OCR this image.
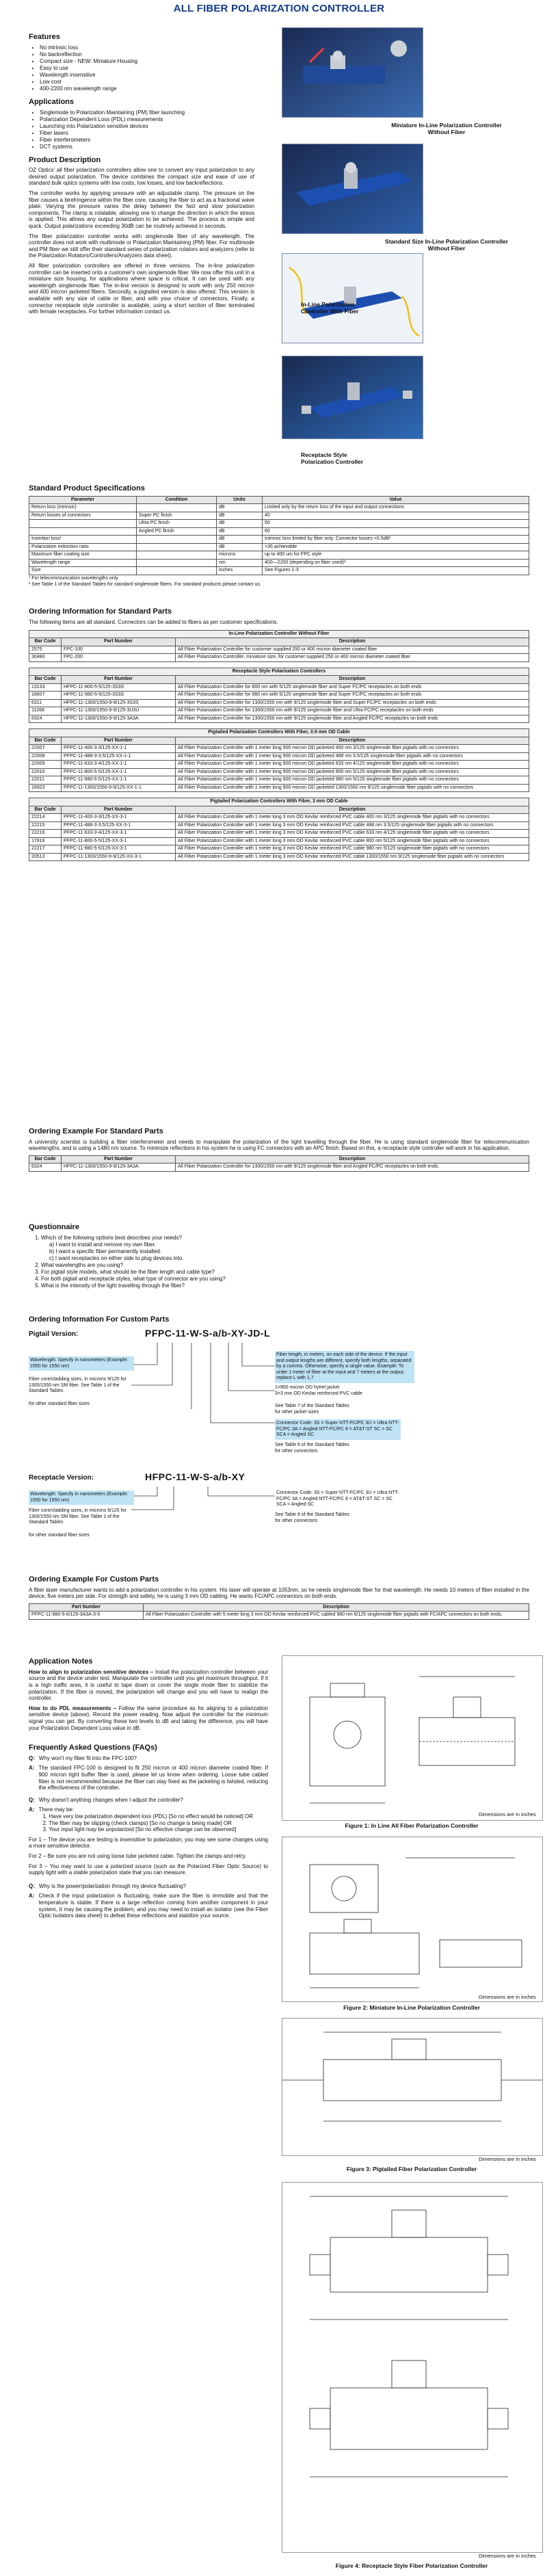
ALL FIBER POLARIZATION CONTROLLER
Features
• No intrinsic loss
• No backreflection
• Compact size - NEW: Miniature Housing
• Easy to use
• Wavelength insensitive
• Low cost
• 400-2200 nm wavelength range
Applications
• Singlemode to Polarization Maintaining (PM) fiber launching
• Polarization Dependent Loss (PDL) measurements
• Launching into Polarization sensitive devices
• Fiber lasers
• Fiber interferometers
• DCT systems
Product Description

OZ Optics' all fiber polarization controllers allow one to convert any input polarization to any desired output polarization. The device combines the compact size and ease of use of standard bulk optics systems with low costs, low losses, and low backreflections.

The controller works by applying pressure with an adjustable clamp. The pressure on the fiber causes a birefringence within the fiber core, causing the fiber to act as a fractional wave plate. Varying the pressure varies the delay between the fast and slow polarization components. The clamp is rotatable, allowing one to change the direction in which the stress is applied. This allows any output polarization to be achieved. The process is simple and quick. Output polarizations exceeding 30dB can be routinely achieved in seconds.

The fiber polarization controller works with singlemode fiber of any wavelength. The controller does not work with multimode or Polarization Maintaining (PM) fiber. For multimode and PM fiber we still offer their standard series of polarization rotators and analyzers (refer to the Polarization Rotators/Controllers/Analyzers data sheet).

All fiber polarization controllers are offered in three versions. The in-line polarization controller can be inserted onto a customer's own singlemode fiber. We now offer this unit in a miniature size housing, for applications where space is critical. It can be used with any wavelength singlemode fiber. The in-line version is designed to work with only 250 micron and 400 micron jacketed fibers. Secondly, a pigtailed version is also offered. This version is available with any size of cable or fiber, and with your choice of connectors. Finally, a connector receptacle style controller is available, using a short section of fiber terminated with female receptacles. For further information contact us.

Miniature In-Line Polarization Controller Without Fiber
Standard Size In-Line Polarization Controller Without Fiber
In-Line Polarization Controller With Fiber
Receptacle Style Polarization Controller
Standard Product Specifications
Parameter	Condition	Units	Value
Return loss (intrinsic)		dB	Limited only by the return loss of the input and output connections
Return losses of connectors	Super PC finish	dB	40
	Ultra PC finish	dB	50
	Angled PC finish	dB	60
Insertion loss¹		dB	Intrinsic loss limited by fiber only. Connector losses <0.5dB¹
Polarization extinction ratio		dB	>35 achievable
Maximum fiber coating size		microns	up to 400 um for FPC style
Wavelength range		nm	400—2200 (depending on fiber used)²
Size		inches	See Figures 1-3
¹ For telecommunication wavelengths only.
² See Table 1 of the Standard Tables for standard singlemode fibers. For standard products please contact us.
Ordering Information for Standard Parts
The following items are all standard. Connectors can be added to fibers as per customer specifications.
In-Line Polarization Controller Without Fiber		
Bar Code	Part Number	Description
2575	FPC-100	All Fiber Polarization Controller for customer supplied 250 or 400 micron diameter coated fiber
30480	FPC-200	All Fiber Polarization Controller, miniature size, for customer supplied 250 or 400 micron diameter coated fiber
Receptacle Style Polarization Controllers		
Bar Code	Part Number	Description
13133	HFPC-11-800-5-5/125-3S3S	All Fiber Polarization Controller for 800 nm with 5/125 singlemode fiber and Super FC/PC receptacles on both ends
16607	HFPC-11-980-5-5/125-3S3S	All Fiber Polarization Controller for 980 nm with 5/125 singlemode fiber and Super FC/PC receptacles on both ends
6311	HFPC-11-1300/1550-9-9/125-3S3S	All Fiber Polarization Controller for 1300/1550 nm with 9/125 singlemode fiber and Super FC/PC receptacles on both ends
11268	HFPC-11-1300/1550-9-9/125-3U3U	All Fiber Polarization Controller for 1300/1550 nm with 9/125 singlemode fiber and Ultra FC/PC receptacles on both ends
6324	HFPC-11-1300/1550-9-9/125-3A3A	All Fiber Polarization Controller for 1300/1550 nm with 9/125 singlemode fiber and Angled FC/PC receptacles on both ends
Pigtailed Polarization Controllers With Fiber, 0.9 mm OD Cable		
Bar Code	Part Number	Description
22007	PFPC-11-400-3-3/125-XX-1-1	All Fiber Polarization Controller with 1 meter long 900 micron OD jacketed 400 nm 3/125 singlemode fiber pigtails with no connectors
22008	PFPC-11-488-3-3.5/125-XX-1-1	All Fiber Polarization Controller with 1 meter long 900 micron OD jacketed 488 nm 3.5/125 singlemode fiber pigtails with no connectors
22009	PFPC-11-633-3-4/125-XX-1-1	All Fiber Polarization Controller with 1 meter long 900 micron OD jacketed 633 nm 4/125 singlemode fiber pigtails with no connectors
22010	PFPC-11-800-5-5/125-XX-1-1	All Fiber Polarization Controller with 1 meter long 900 micron OD jacketed 800 nm 5/125 singlemode fiber pigtails with no connectors
22011	PFPC-11-980-5-5/125-XX-1-1	All Fiber Polarization Controller with 1 meter long 900 micron OD jacketed 980 nm 5/125 singlemode fiber pigtails with no connectors
16923	PFPC-11-1300/1550-9-9/125-XX-1-1	All Fiber Polarization Controller with 1 meter long 900 micron OD jacketed 1300/1550 nm 9/125 singlemode fiber pigtails with no connectors
Pigtailed Polarization Controllers With Fiber, 3 mm OD Cable		
Bar Code	Part Number	Description
22214	PFPC-11-400-3-3/125-XX-3-1	All Fiber Polarization Controller with 1 meter long 3 mm OD Kevlar reinforced PVC cable 400 nm 3/125 singlemode fiber pigtails with no connectors
22215	PFPC-11-488-3-3.5/125-XX-3-1	All Fiber Polarization Controller with 1 meter long 3 mm OD Kevlar reinforced PVC cable 488 nm 3.5/125 singlemode fiber pigtails with no connectors
22216	PFPC-11-633-3-4/125-XX-3-1	All Fiber Polarization Controller with 1 meter long 3 mm OD Kevlar reinforced PVC cable 633 nm 4/125 singlemode fiber pigtails with no connectors
17816	PFPC-11-800-5-5/125-XX-3-1	All Fiber Polarization Controller with 1 meter long 3 mm OD Kevlar reinforced PVC cable 800 nm 5/125 singlemode fiber pigtails with no connectors
22217	PFPC-11-980-5-5/125-XX-3-1	All Fiber Polarization Controller with 1 meter long 3 mm OD Kevlar reinforced PVC cable 980 nm 5/125 singlemode fiber pigtails with no connectors
20513	PFPC-11-1300/1550-9-9/125-XX-3-1	All Fiber Polarization Controller with 1 meter long 3 mm OD Kevlar reinforced PVC cable 1300/1550 nm 9/125 singlemode fiber pigtails with no connectors
Ordering Example For Standard Parts

A university scientist is building a fiber interferometer and needs to manipulate the polarization of the light travelling through the fiber. He is using standard singlemode fiber for telecommunication wavelengths, and is using a 1480 nm source. To minimize reflections in his system he is using FC connectors with an APC finish. Based on this, a receptacle style controller will work in his application.

Bar Code	Part Number	Description
6324	HFPC-11-1300/1550-9-9/125-3A3A	All Fiber Polarization Controller for 1300/1550 nm with 9/125 singlemode fiber and Angled FC/PC receptacles on both ends.
Questionnaire
1. Which of the following options best describes your needs?
a) I want to install and remove my own fiber.
b) I want a specific fiber permanently installed.
c) I want receptacles on either side to plug devices into.
2. What wavelengths are you using?
3. For pigtail style models, what should be the fiber length and cable type?
4. For both pigtail and receptacle styles, what type of connector are you using?
5. What is the intensity of the light travelling through the fiber?
Ordering Information For Custom Parts
Pigtail Version:	PFPC-11-W-S-a/b-XY-JD-L
Wavelength: Specify in nanometers (Example: 1550 for 1550 nm)
Fiber core/cladding sizes, in microns 9/125 for 1300/1550 nm SM fiber. See Table 1 of the Standard Tables
for other standard fiber sizes
Fiber length, in meters, on each side of the device. If the input and output lengths are different, specify both lengths, separated by a comma. Otherwise, specify a single value. Example: To order 1 meter of fiber at the input and 7 meters at the output, replace L with 1,7
1=900 micron OD hytrel jacket
3=3 mm OD Kevlar reinforced PVC cable
See Table 7 of the Standard Tables
for other jacket sizes
Connector Code: 3S = Super NTT-FC/PC 3U = Ultra NTT-FC/PC 3A = Angled NTT-FC/PC 8 = AT&T-ST SC = SC SCA = Angled SC
See Table 6 of the Standard Tables
for other connectors
Receptacle Version:	HFPC-11-W-S-a/b-XY
Wavelength: Specify in nanometers (Example: 1550 for 1550 nm)
Fiber core/cladding sizes, in microns 9/125 for 1300/1550 nm SM fiber. See Table 1 of the Standard Tables
for other standard fiber sizes
Connector Code: 3S = Super NTT-FC/PC 3U = Ultra NTT-FC/PC 3A = Angled NTT-FC/PC 8 = AT&T-ST SC = SC SCA = Angled SC
See Table 6 of the Standard Tables
for other connectors
Ordering Example For Custom Parts

A fiber laser manufacturer wants to add a polarization controller in his system. His laser will operate at 1053nm, so he needs singlemode fiber for that wavelength. He needs 10 meters of fiber installed in the device, five meters per side. For strength and safety, he is using 3 mm OD cabling. He wants FC/APC connectors on both ends.

Part Number	Description
PFPC-11-980-5-6/125-3A3A-3-5	All Fiber Polarization Controller with 5 meter long 3 mm OD Kevlar reinforced PVC cabled 980 nm 6/125 singlemode fiber pigtails with FC/APC connectors on both ends.
Application Notes

How to align to polarization sensitive devices – Install the polarization controller between your source and the device under test. Manipulate the controller until you get maximum throughput. If it is a high traffic area, it is useful to tape down or cover the single mode fiber to stabilize the polarization. If the fiber is moved, the polarization will change and you will have to realign the controller.

How to do PDL measurements – Follow the same procedure as for aligning to a polarization sensitive device (above). Record the power reading. Now adjust the controller for the minimum signal you can get. By converting these two levels to dB and taking the difference, you will have your Polarization Dependent Loss value in dB.

Frequently Asked Questions (FAQs)
Q: Why won't my fiber fit into the FPC-100?
A: The standard FPC-100 is designed to fit 250 micron or 400 micron diameter coated fiber. If 900 micron tight buffer fiber is used, please let us know when ordering. Loose tube cabled fiber is not recommended because the fiber can stay fixed as the jacketing is twisted, reducing the effectiveness of the controller.
Q: Why doesn't anything changes when I adjust the controller?
A: There may be:
1. Have very low polarization dependent loss (PDL) [So no effect would be noticed] OR
2. The fiber may be slipping (check clamps) [So no change is being made] OR
3. Your input light may be unpolarized [So no effective change can be observed]

For 1 – The device you are testing is insensitive to polarization, you may see some changes using a more sensitive detector.

For 2 – Be sure you are not using loose tube jacketed cable. Tighten the clamps and retry.

For 3 – You may want to use a polarized source (such as the Polarized Fiber Optic Source) to supply light with a stable polarization state that you can measure.

Q: Why is the power/polarization through my device fluctuating?
A: Check if the input polarization is fluctuating, make sure the fiber is immobile and that the temperature is stable. If there is a large reflection coming from another component in your system, it may be causing the problem, and you may need to install an isolator (see the Fiber Optic Isolators data sheet) to defeat these reflections and stabilize your source.
Dimensions are in inches
Figure 1: In Line All Fiber Polarization Controller
Dimensions are in inches
Figure 2: Miniature In-Line Polarization Controller
Dimensions are in inches
Figure 3: Pigtailed Fiber Polarization Controller
Dimensions are in inches
Figure 4: Receptacle Style Fiber Polarization Controller
